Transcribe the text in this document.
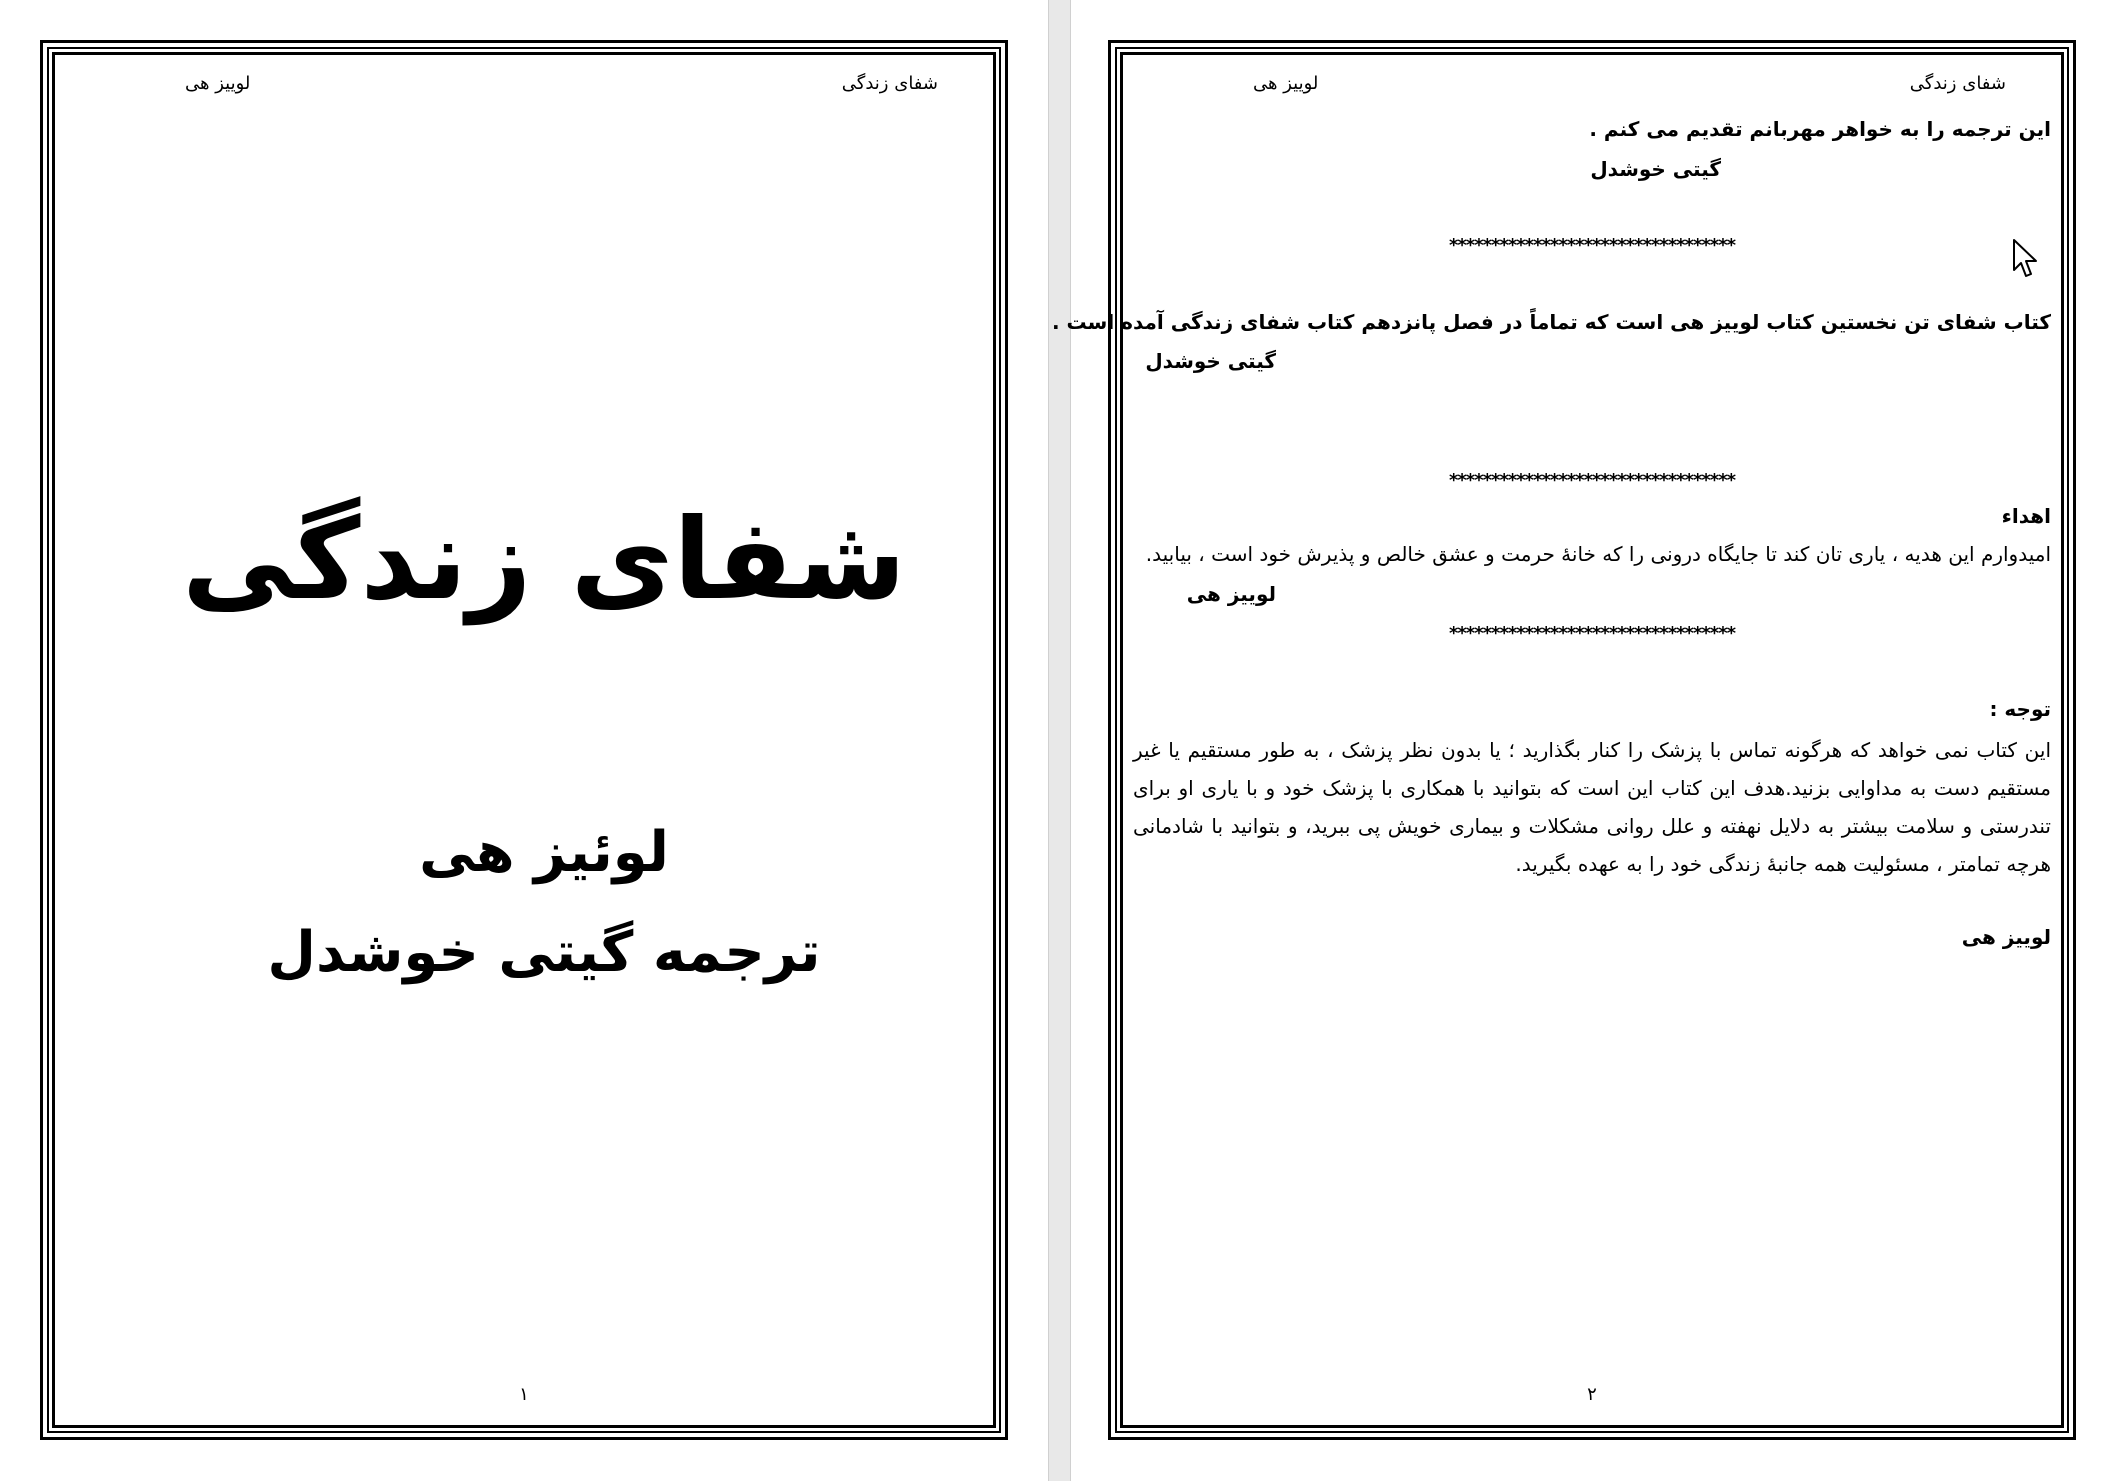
شفای زندگی
لوییز هی
شفای زندگی
لوئیز هی
ترجمه گیتی خوشدل
۱
شفای زندگی
لوییز هی
این ترجمه را به خواهر مهربانم تقدیم می کنم .
گیتی خوشدل
**********************************
کتاب شفای تن نخستین کتاب لوییز هی است که تماماً در فصل پانزدهم کتاب شفای زندگی آمده است .
گیتی خوشدل
**********************************
اهداء
امیدوارم این هدیه ، یاری تان کند تا جایگاه درونی را که خانۀ حرمت و عشق خالص و پذیرش خود است ، بیابید.
لوییز هی
**********************************
توجه :
این کتاب نمی خواهد که هرگونه تماس با پزشک را کنار بگذارید ؛ یا بدون نظر پزشک ، به طور مستقیم یا غیر مستقیم دست به مداوایی بزنید.هدف این کتاب این است که بتوانید با همکاری با پزشک خود و با یاری او برای تندرستی و سلامت بیشتر به دلایل نهفته و علل روانی مشکلات و بیماری خویش پی ببرید، و بتوانید با شادمانی هرچه تمامتر ، مسئولیت همه جانبۀ زندگی خود را به عهده بگیرید.
لوییز هی
۲
